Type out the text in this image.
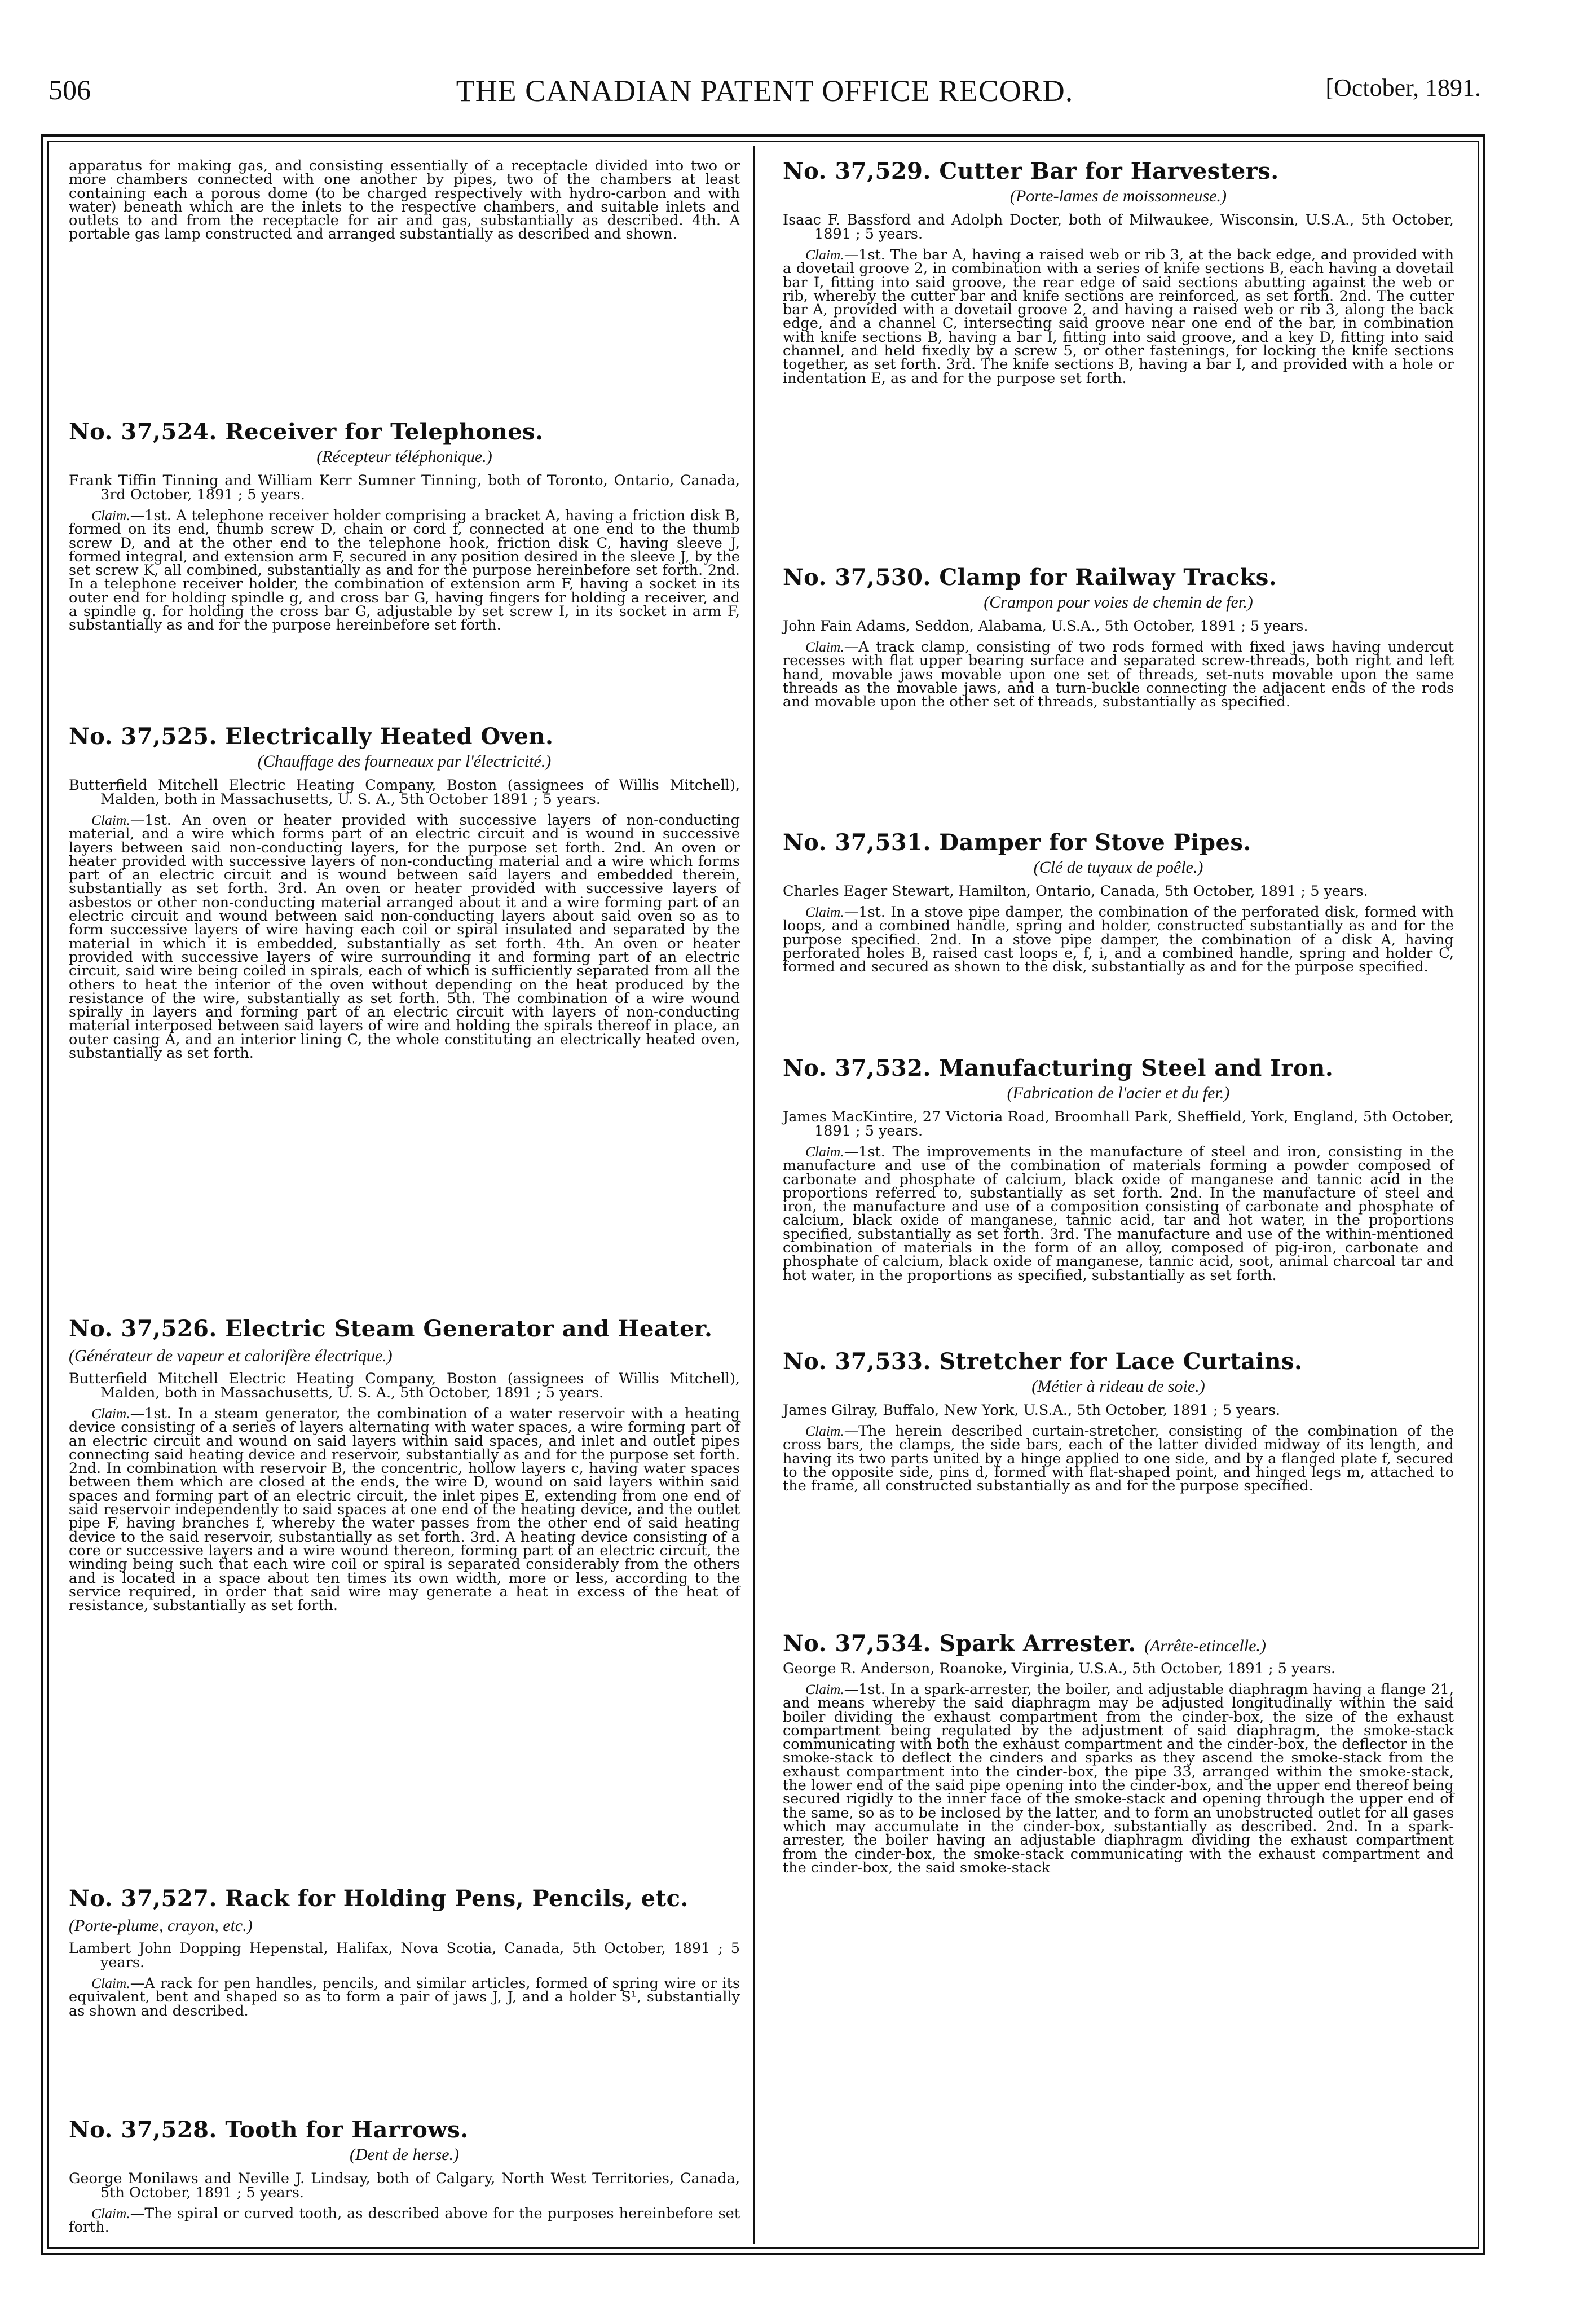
506	THE CANADIAN PATENT OFFICE RECORD.	[October, 1891.

apparatus for making gas, and consisting essentially of a receptacle divided into two or more chambers connected with one another by pipes, two of the chambers at least containing each a porous dome (to be charged respectively with hydro-carbon and with water) beneath which are the inlets to the respective chambers, and suitable inlets and outlets to and from the receptacle for air and gas, substantially as described. 4th. A portable gas lamp constructed and arranged substantially as described and shown.

No. 37,524. Receiver for Telephones.

(Récepteur téléphonique.)

Frank Tiffin Tinning and William Kerr Sumner Tinning, both of Toronto, Ontario, Canada, 3rd October, 1891 ; 5 years.

Claim.—1st. A telephone receiver holder comprising a bracket A, having a friction disk B, formed on its end, thumb screw D, chain or cord f, connected at one end to the thumb screw D, and at the other end to the telephone hook, friction disk C, having sleeve J, formed integral, and extension arm F, secured in any position desired in the sleeve J, by the set screw K, all combined, substantially as and for the purpose hereinbefore set forth. 2nd. In a telephone receiver holder, the combination of extension arm F, having a socket in its outer end for holding spindle g, and cross bar G, having fingers for holding a receiver, and a spindle g. for holding the cross bar G, adjustable by set screw I, in its socket in arm F, substantially as and for the purpose hereinbefore set forth.

No. 37,525. Electrically Heated Oven.

(Chauffage des fourneaux par l'électricité.)

Butterfield Mitchell Electric Heating Company, Boston (assignees of Willis Mitchell), Malden, both in Massachusetts, U. S. A., 5th October 1891 ; 5 years.

Claim.—1st. An oven or heater provided with successive layers of non-conducting material, and a wire which forms part of an electric circuit and is wound in successive layers between said non-conducting layers, for the purpose set forth. 2nd. An oven or heater provided with successive layers of non-conducting material and a wire which forms part of an electric circuit and is wound between said layers and embedded therein, substantially as set forth. 3rd. An oven or heater provided with successive layers of asbestos or other non-conducting material arranged about it and a wire forming part of an electric circuit and wound between said non-conducting layers about said oven so as to form successive layers of wire having each coil or spiral insulated and separated by the material in which it is embedded, substantially as set forth. 4th. An oven or heater provided with successive layers of wire surrounding it and forming part of an electric circuit, said wire being coiled in spirals, each of which is sufficiently separated from all the others to heat the interior of the oven without depending on the heat produced by the resistance of the wire, substantially as set forth. 5th. The combination of a wire wound spirally in layers and forming part of an electric circuit with layers of non-conducting material interposed between said layers of wire and holding the spirals thereof in place, an outer casing A, and an interior lining C, the whole constituting an electrically heated oven, substantially as set forth.

No. 37,526. Electric Steam Generator and Heater. (Générateur de vapeur et calorifère électrique.)

Butterfield Mitchell Electric Heating Company, Boston (assignees of Willis Mitchell), Malden, both in Massachusetts, U. S. A., 5th October, 1891 ; 5 years.

Claim.—1st. In a steam generator, the combination of a water reservoir with a heating device consisting of a series of layers alternating with water spaces, a wire forming part of an electric circuit and wound on said layers within said spaces, and inlet and outlet pipes connecting said heating device and reservoir, substantially as and for the purpose set forth. 2nd. In combination with reservoir B, the concentric, hollow layers c, having water spaces between them which are closed at the ends, the wire D, wound on said layers within said spaces and forming part of an electric circuit, the inlet pipes E, extending from one end of said reservoir independently to said spaces at one end of the heating device, and the outlet pipe F, having branches f, whereby the water passes from the other end of said heating device to the said reservoir, substantially as set forth. 3rd. A heating device consisting of a core or successive layers and a wire wound thereon, forming part of an electric circuit, the winding being such that each wire coil or spiral is separated considerably from the others and is located in a space about ten times its own width, more or less, according to the service required, in order that said wire may generate a heat in excess of the heat of resistance, substantially as set forth.

No. 37,527. Rack for Holding Pens, Pencils, etc. (Porte-plume, crayon, etc.)

Lambert John Dopping Hepenstal, Halifax, Nova Scotia, Canada, 5th October, 1891 ; 5 years.

Claim.—A rack for pen handles, pencils, and similar articles, formed of spring wire or its equivalent, bent and shaped so as to form a pair of jaws J, J, and a holder S¹, substantially as shown and described.

No. 37,528. Tooth for Harrows.

(Dent de herse.)

George Monilaws and Neville J. Lindsay, both of Calgary, North West Territories, Canada, 5th October, 1891 ; 5 years.

Claim.—The spiral or curved tooth, as described above for the purposes hereinbefore set forth.

No. 37,529. Cutter Bar for Harvesters.

(Porte-lames de moissonneuse.)

Isaac F. Bassford and Adolph Docter, both of Milwaukee, Wisconsin, U.S.A., 5th October, 1891 ; 5 years.

Claim.—1st. The bar A, having a raised web or rib 3, at the back edge, and provided with a dovetail groove 2, in combination with a series of knife sections B, each having a dovetail bar I, fitting into said groove, the rear edge of said sections abutting against the web or rib, whereby the cutter bar and knife sections are reinforced, as set forth. 2nd. The cutter bar A, provided with a dovetail groove 2, and having a raised web or rib 3, along the back edge, and a channel C, intersecting said groove near one end of the bar, in combination with knife sections B, having a bar I, fitting into said groove, and a key D, fitting into said channel, and held fixedly by a screw 5, or other fastenings, for locking the knife sections together, as set forth. 3rd. The knife sections B, having a bar I, and provided with a hole or indentation E, as and for the purpose set forth.

No. 37,530. Clamp for Railway Tracks.

(Crampon pour voies de chemin de fer.)

John Fain Adams, Seddon, Alabama, U.S.A., 5th October, 1891 ; 5 years.

Claim.—A track clamp, consisting of two rods formed with fixed jaws having undercut recesses with flat upper bearing surface and separated screw-threads, both right and left hand, movable jaws movable upon one set of threads, set-nuts movable upon the same threads as the movable jaws, and a turn-buckle connecting the adjacent ends of the rods and movable upon the other set of threads, substantially as specified.

No. 37,531. Damper for Stove Pipes.

(Clé de tuyaux de poêle.)

Charles Eager Stewart, Hamilton, Ontario, Canada, 5th October, 1891 ; 5 years.

Claim.—1st. In a stove pipe damper, the combination of the perforated disk, formed with loops, and a combined handle, spring and holder, constructed substantially as and for the purpose specified. 2nd. In a stove pipe damper, the combination of a disk A, having perforated holes B, raised cast loops e, f, i, and a combined handle, spring and holder C, formed and secured as shown to the disk, substantially as and for the purpose specified.

No. 37,532. Manufacturing Steel and Iron.

(Fabrication de l'acier et du fer.)

James MacKintire, 27 Victoria Road, Broomhall Park, Sheffield, York, England, 5th October, 1891 ; 5 years.

Claim.—1st. The improvements in the manufacture of steel and iron, consisting in the manufacture and use of the combination of materials forming a powder composed of carbonate and phosphate of calcium, black oxide of manganese and tannic acid in the proportions referred to, substantially as set forth. 2nd. In the manufacture of steel and iron, the manufacture and use of a composition consisting of carbonate and phosphate of calcium, black oxide of manganese, tannic acid, tar and hot water, in the proportions specified, substantially as set forth. 3rd. The manufacture and use of the within-mentioned combination of materials in the form of an alloy, composed of pig-iron, carbonate and phosphate of calcium, black oxide of manganese, tannic acid, soot, animal charcoal tar and hot water, in the proportions as specified, substantially as set forth.

No. 37,533. Stretcher for Lace Curtains.

(Métier à rideau de soie.)

James Gilray, Buffalo, New York, U.S.A., 5th October, 1891 ; 5 years.

Claim.—The herein described curtain-stretcher, consisting of the combination of the cross bars, the clamps, the side bars, each of the latter divided midway of its length, and having its two parts united by a hinge applied to one side, and by a flanged plate f, secured to the opposite side, pins d, formed with flat-shaped point, and hinged legs m, attached to the frame, all constructed substantially as and for the purpose specified.

No. 37,534. Spark Arrester. (Arrête-etincelle.)

George R. Anderson, Roanoke, Virginia, U.S.A., 5th October, 1891 ; 5 years.

Claim.—1st. In a spark-arrester, the boiler, and adjustable diaphragm having a flange 21, and means whereby the said diaphragm may be adjusted longitudinally within the said boiler dividing the exhaust compartment from the cinder-box, the size of the exhaust compartment being regulated by the adjustment of said diaphragm, the smoke-stack communicating with both the exhaust compartment and the cinder-box, the deflector in the smoke-stack to deflect the cinders and sparks as they ascend the smoke-stack from the exhaust compartment into the cinder-box, the pipe 33, arranged within the smoke-stack, the lower end of the said pipe opening into the cinder-box, and the upper end thereof being secured rigidly to the inner face of the smoke-stack and opening through the upper end of the same, so as to be inclosed by the latter, and to form an unobstructed outlet for all gases which may accumulate in the cinder-box, substantially as described. 2nd. In a spark-arrester, the boiler having an adjustable diaphragm dividing the exhaust compartment from the cinder-box, the smoke-stack communicating with the exhaust compartment and the cinder-box, the said smoke-stack
